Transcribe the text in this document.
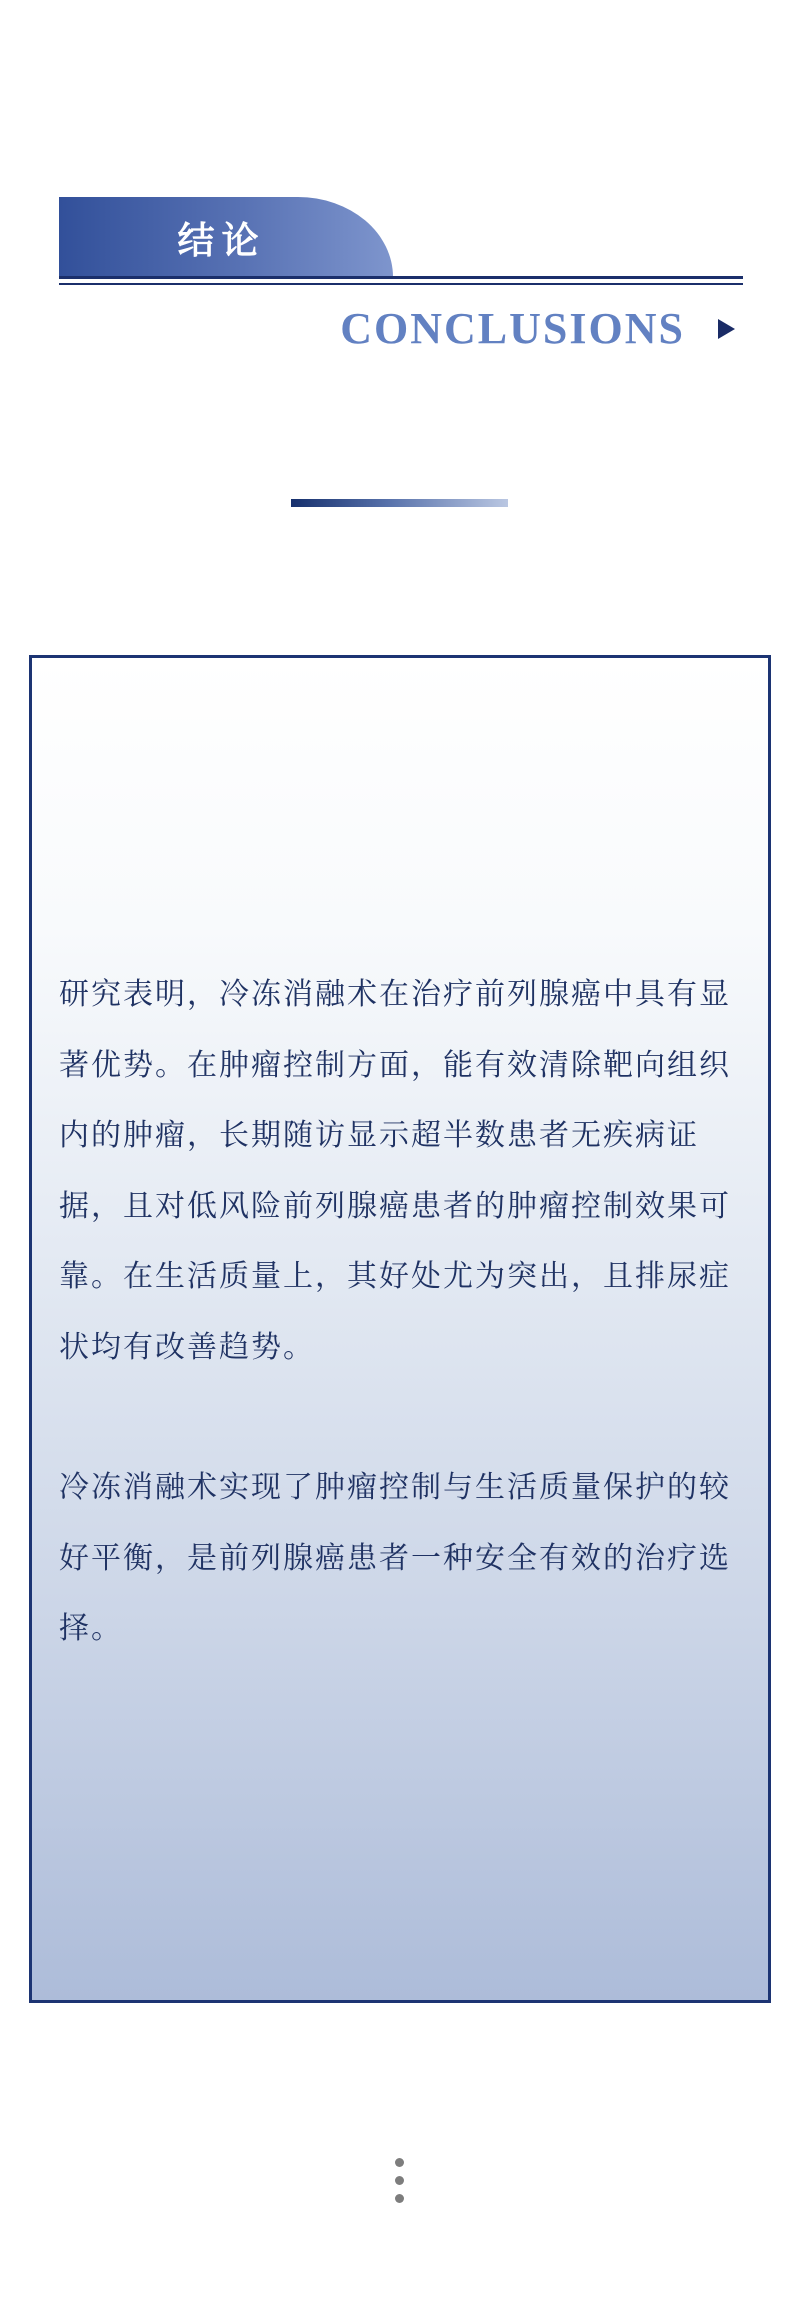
结论
CONCLUSIONS
研究表明，冷冻消融术在治疗前列腺癌中具有显
著优势。在肿瘤控制方面，能有效清除靶向组织
内的肿瘤，长期随访显示超半数患者无疾病证
据，且对低风险前列腺癌患者的肿瘤控制效果可
靠。在生活质量上，其好处尤为突出，且排尿症
状均有改善趋势。
冷冻消融术实现了肿瘤控制与生活质量保护的较
好平衡，是前列腺癌患者一种安全有效的治疗选
择。
